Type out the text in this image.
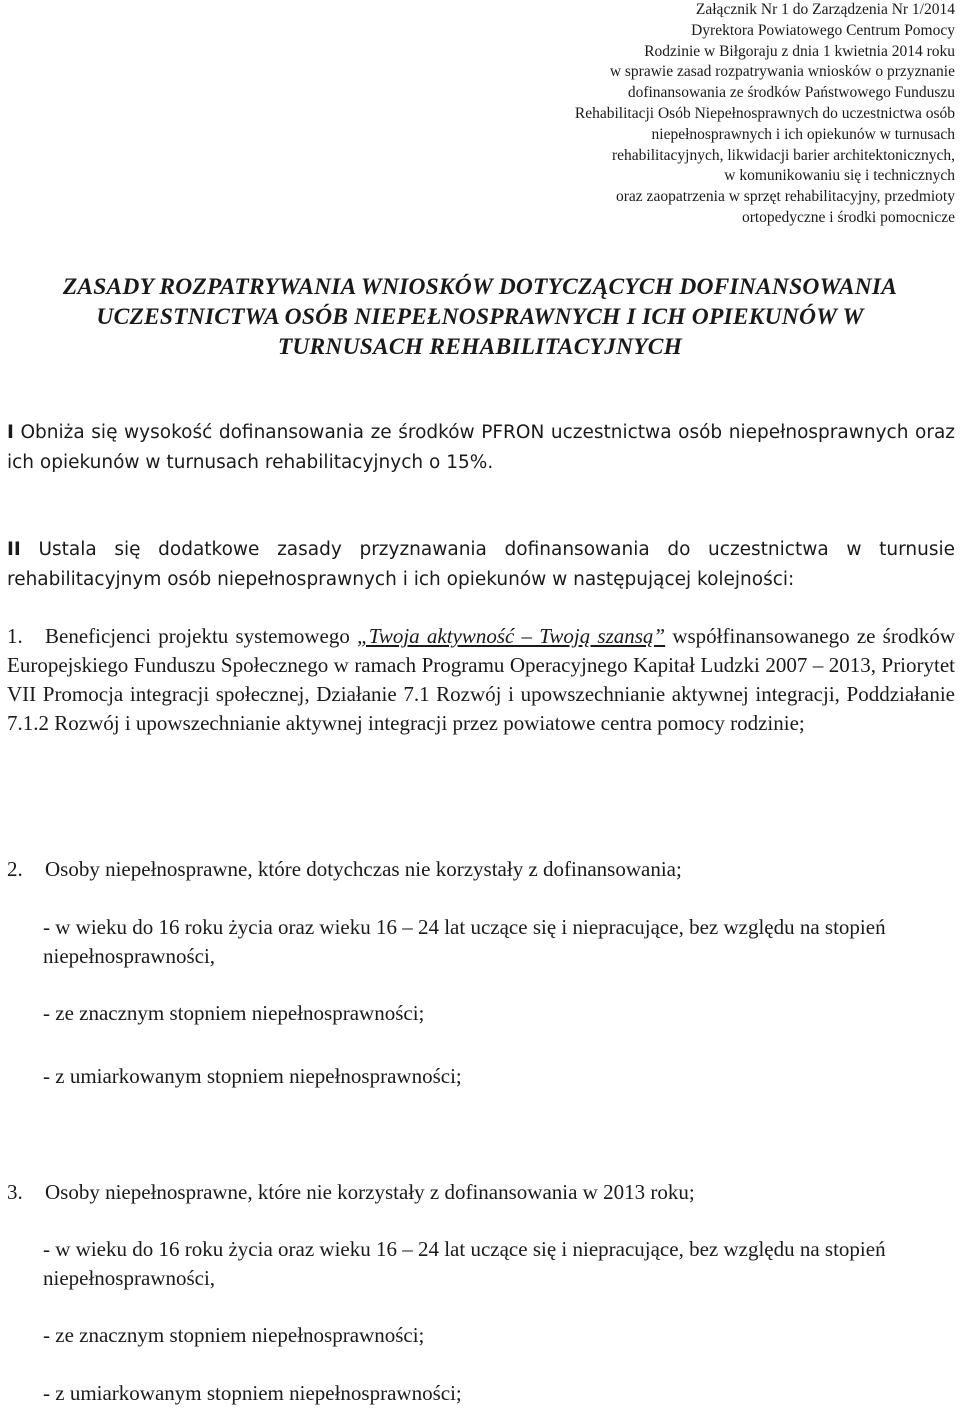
Załącznik Nr 1 do Zarządzenia Nr 1/2014
Dyrektora Powiatowego Centrum Pomocy
Rodzinie w Biłgoraju z dnia 1 kwietnia 2014 roku
w sprawie zasad rozpatrywania wniosków o przyznanie
dofinansowania ze środków Państwowego Funduszu
Rehabilitacji Osób Niepełnosprawnych do uczestnictwa osób
niepełnosprawnych i ich opiekunów w turnusach
rehabilitacyjnych, likwidacji barier architektonicznych,
w komunikowaniu się i technicznych
oraz zaopatrzenia w sprzęt rehabilitacyjny, przedmioty
ortopedyczne i środki pomocnicze
ZASADY ROZPATRYWANIA WNIOSKÓW DOTYCZĄCYCH DOFINANSOWANIA
UCZESTNICTWA OSÓB NIEPEŁNOSPRAWNYCH I ICH OPIEKUNÓW W
TURNUSACH REHABILITACYJNYCH
I Obniża się wysokość dofinansowania ze środków PFRON uczestnictwa osób niepełnosprawnych oraz ich opiekunów w turnusach rehabilitacyjnych o 15%.
II Ustala się dodatkowe zasady przyznawania dofinansowania do uczestnictwa w turnusie rehabilitacyjnym osób niepełnosprawnych i ich opiekunów w następującej kolejności:
1. Beneficjenci projektu systemowego „Twoja aktywność – Twoją szansą” współfinansowanego ze środków Europejskiego Funduszu Społecznego w ramach Programu Operacyjnego Kapitał Ludzki 2007 – 2013, Priorytet VII Promocja integracji społecznej, Działanie 7.1 Rozwój i upowszechnianie aktywnej integracji, Poddziałanie 7.1.2 Rozwój i upowszechnianie aktywnej integracji przez powiatowe centra pomocy rodzinie;
2. Osoby niepełnosprawne, które dotychczas nie korzystały z dofinansowania;
- w wieku do 16 roku życia oraz wieku 16 – 24 lat uczące się i niepracujące, bez względu na stopień niepełnosprawności,
- ze znacznym stopniem niepełnosprawności;
- z umiarkowanym stopniem niepełnosprawności;
3. Osoby niepełnosprawne, które nie korzystały z dofinansowania w 2013 roku;
- w wieku do 16 roku życia oraz wieku 16 – 24 lat uczące się i niepracujące, bez względu na stopień niepełnosprawności,
- ze znacznym stopniem niepełnosprawności;
- z umiarkowanym stopniem niepełnosprawności;
